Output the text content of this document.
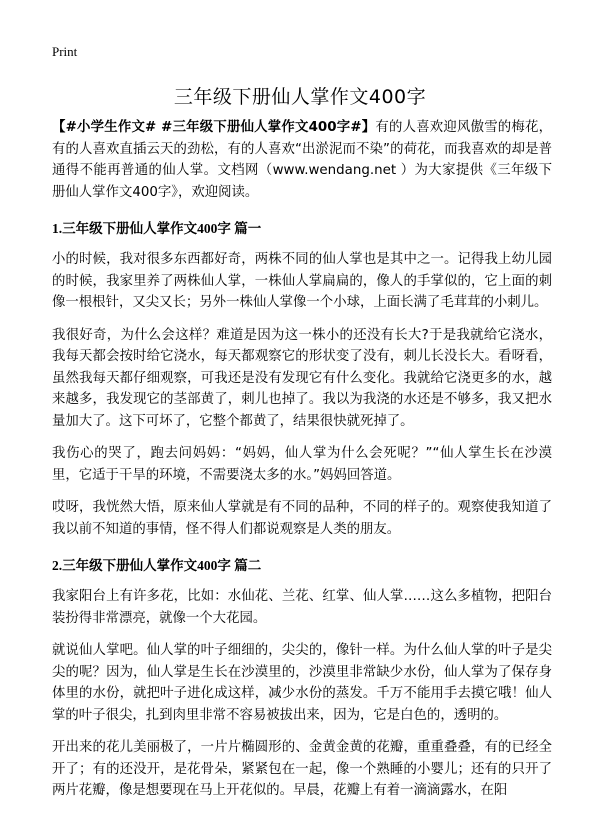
Print
三年级下册仙人掌作文400字

【#小学生作文# #三年级下册仙人掌作文400字#】有的人喜欢迎风傲雪的梅花，有的人喜欢直插云天的劲松，有的人喜欢“出淤泥而不染”的荷花，而我喜欢的却是普通得不能再普通的仙人掌。文档网（www.wendang.net ）为大家提供《三年级下册仙人掌作文400字》，欢迎阅读。

1.三年级下册仙人掌作文400字 篇一

小的时候，我对很多东西都好奇，两株不同的仙人掌也是其中之一。记得我上幼儿园的时候，我家里养了两株仙人掌，一株仙人掌扁扁的，像人的手掌似的，它上面的刺像一根根针，又尖又长；另外一株仙人掌像一个小球，上面长满了毛茸茸的小刺儿。

我很好奇，为什么会这样？难道是因为这一株小的还没有长大?于是我就给它浇水，我每天都会按时给它浇水，每天都观察它的形状变了没有，刺儿长没长大。看呀看，虽然我每天都仔细观察，可我还是没有发现它有什么变化。我就给它浇更多的水，越来越多，我发现它的茎部黄了，刺儿也掉了。我以为我浇的水还是不够多，我又把水量加大了。这下可坏了，它整个都黄了，结果很快就死掉了。

我伤心的哭了，跑去问妈妈：“妈妈，仙人掌为什么会死呢？”“仙人掌生长在沙漠里，它适于干旱的环境，不需要浇太多的水。”妈妈回答道。

哎呀，我恍然大悟，原来仙人掌就是有不同的品种，不同的样子的。观察使我知道了我以前不知道的事情，怪不得人们都说观察是人类的朋友。

2.三年级下册仙人掌作文400字 篇二

我家阳台上有许多花，比如：水仙花、兰花、红掌、仙人掌……这么多植物，把阳台装扮得非常漂亮，就像一个大花园。

就说仙人掌吧。仙人掌的叶子细细的，尖尖的，像针一样。为什么仙人掌的叶子是尖尖的呢？因为，仙人掌是生长在沙漠里的，沙漠里非常缺少水份，仙人掌为了保存身体里的水份，就把叶子进化成这样，减少水份的蒸发。千万不能用手去摸它哦！仙人掌的叶子很尖，扎到肉里非常不容易被拔出来，因为，它是白色的，透明的。

开出来的花儿美丽极了，一片片椭圆形的、金黄金黄的花瓣，重重叠叠，有的已经全开了；有的还没开，是花骨朵，紧紧包在一起，像一个熟睡的小婴儿；还有的只开了两片花瓣，像是想要现在马上开花似的。早晨，花瓣上有着一滴滴露水，在阳
